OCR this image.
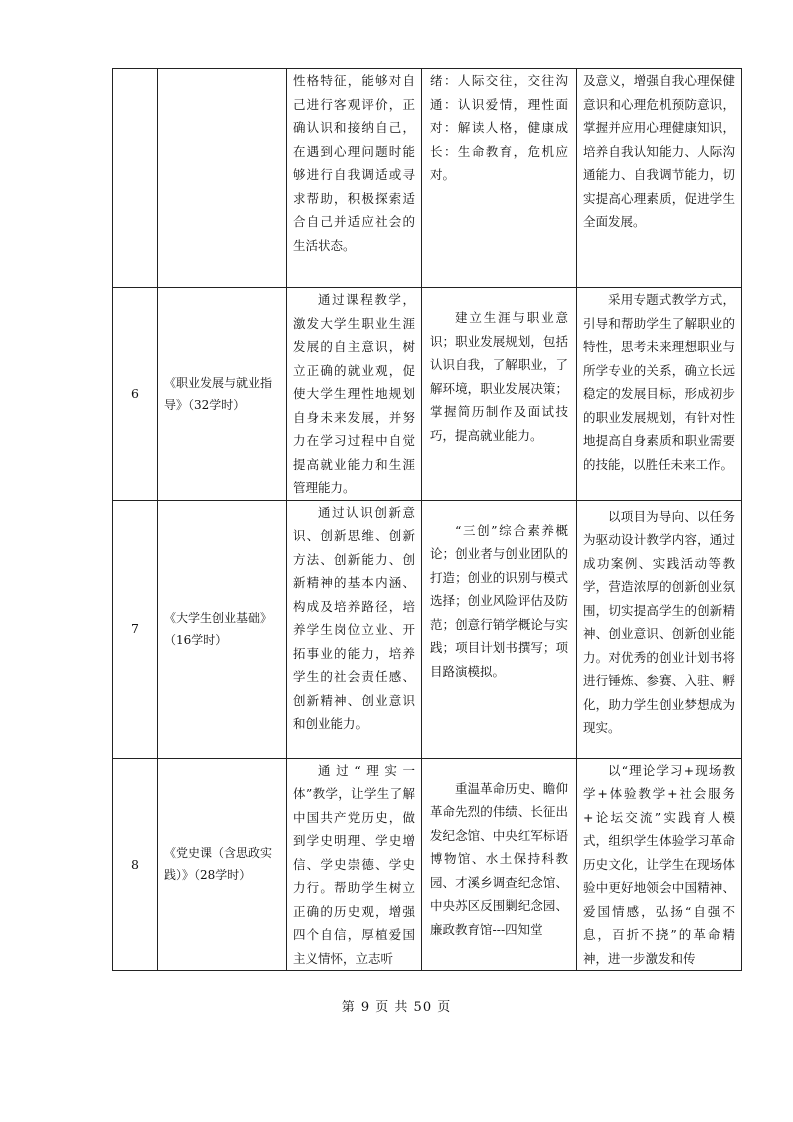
		性格特征，能够对自己进行客观评价，正确认识和接纳自己，在遇到心理问题时能够进行自我调适或寻求帮助，积极探索适合自己并适应社会的生活状态。	绪：人际交往，交往沟通：认识爱情，理性面对：解读人格，健康成长：生命教育，危机应对。	及意义，增强自我心理保健意识和心理危机预防意识，掌握并应用心理健康知识，培养自我认知能力、人际沟通能力、自我调节能力，切实提高心理素质，促进学生全面发展。

6	《职业发展与就业指导》（32学时）	通过课程教学，激发大学生职业生涯发展的自主意识，树立正确的就业观，促使大学生理性地规划自身未来发展，并努力在学习过程中自觉提高就业能力和生涯管理能力。	建立生涯与职业意识；职业发展规划，包括认识自我，了解职业，了解环境，职业发展决策；掌握简历制作及面试技巧，提高就业能力。	采用专题式教学方式，引导和帮助学生了解职业的特性，思考未来理想职业与所学专业的关系，确立长远稳定的发展目标，形成初步的职业发展规划，有针对性地提高自身素质和职业需要的技能，以胜任未来工作。

7	《大学生创业基础》（16学时）	通过认识创新意识、创新思维、创新方法、创新能力、创新精神的基本内涵、构成及培养路径，培养学生岗位立业、开拓事业的能力，培养学生的社会责任感、创新精神、创业意识和创业能力。	“三创”综合素养概论；创业者与创业团队的打造；创业的识别与模式选择；创业风险评估及防范；创意行销学概论与实践；项目计划书撰写；项目路演模拟。	以项目为导向、以任务为驱动设计教学内容，通过成功案例、实践活动等教学，营造浓厚的创新创业氛围，切实提高学生的创新精神、创业意识、创新创业能力。对优秀的创业计划书将进行锤炼、参赛、入驻、孵化，助力学生创业梦想成为现实。

8	《党史课（含思政实践）》（28学时）	通过“理实一体”教学，让学生了解中国共产党历史，做到学史明理、学史增信、学史崇德、学史力行。帮助学生树立正确的历史观，增强四个自信，厚植爱国主义情怀，立志听	重温革命历史、瞻仰革命先烈的伟绩、长征出发纪念馆、中央红军标语博物馆、水土保持科教园、才溪乡调查纪念馆、中央苏区反围剿纪念园、廉政教育馆---四知堂	以“理论学习+现场教学+体验教学+社会服务+论坛交流”实践育人模式，组织学生体验学习革命历史文化，让学生在现场体验中更好地领会中国精神、爱国情感，弘扬“自强不息，百折不挠”的革命精神，进一步激发和传
第 9 页 共 50 页
